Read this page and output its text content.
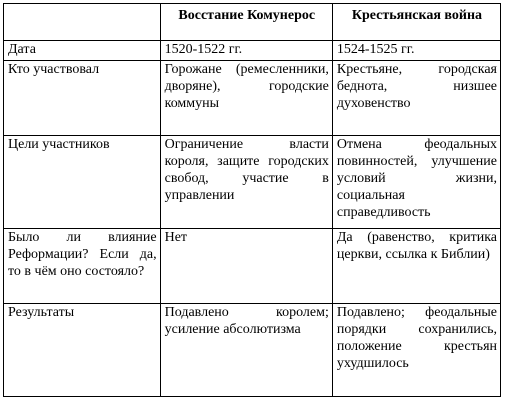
	Восстание Комунерос	Крестьянская война
Дата	1520-1522 гг.	1524-1525 гг.
Кто участвовал	Горожане (ремесленники, дворяне), городские коммуны	Крестьяне, городская беднота, низшее духовенство
Цели участников	Ограничение власти короля, защите городских свобод, участие в управлении	Отмена феодальных повинностей, улучшение условий жизни, социальная справедливость
Было ли влияние Реформации? Если да, то в чём оно состояло?	Нет	Да (равенство, критика церкви, ссылка к Библии)
Результаты	Подавлено королем; усиление абсолютизма	Подавлено; феодальные порядки сохранились, положение крестьян ухудшилось
